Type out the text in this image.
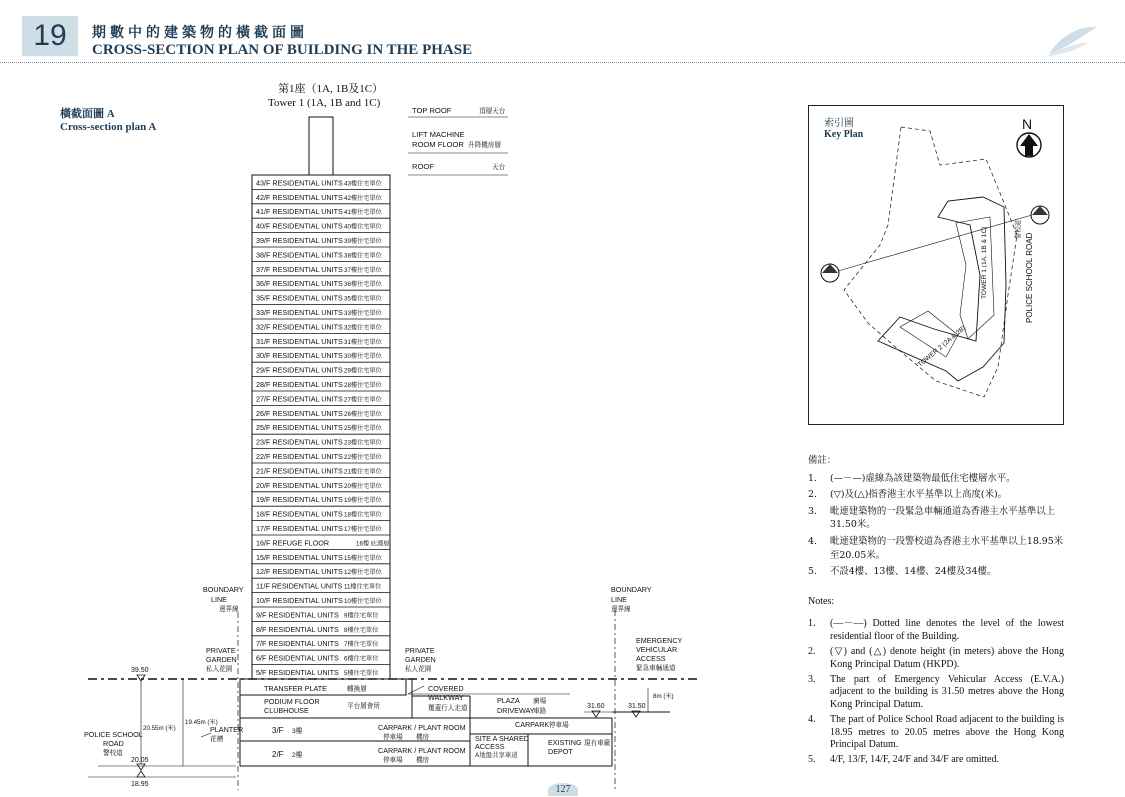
19	期數中的建築物的橫截面圖
CROSS-SECTION PLAN OF BUILDING IN THE PHASE
橫截面圖 A
Cross-section plan A
第1座（1A, 1B及1C）
Tower 1 (1A, 1B and 1C)
43/F RESIDENTIAL UNITS 43樓住宅單位
42/F RESIDENTIAL UNITS 42樓住宅單位
41/F RESIDENTIAL UNITS 41樓住宅單位
40/F RESIDENTIAL UNITS 40樓住宅單位
39/F RESIDENTIAL UNITS 39樓住宅單位
38/F RESIDENTIAL UNITS 38樓住宅單位
37/F RESIDENTIAL UNITS 37樓住宅單位
36/F RESIDENTIAL UNITS 36樓住宅單位
35/F RESIDENTIAL UNITS 35樓住宅單位
33/F RESIDENTIAL UNITS 33樓住宅單位
32/F RESIDENTIAL UNITS 32樓住宅單位
31/F RESIDENTIAL UNITS 31樓住宅單位
30/F RESIDENTIAL UNITS 30樓住宅單位
29/F RESIDENTIAL UNITS 29樓住宅單位
28/F RESIDENTIAL UNITS 28樓住宅單位
27/F RESIDENTIAL UNITS 27樓住宅單位
26/F RESIDENTIAL UNITS 26樓住宅單位
25/F RESIDENTIAL UNITS 25樓住宅單位
23/F RESIDENTIAL UNITS 23樓住宅單位
22/F RESIDENTIAL UNITS 22樓住宅單位
21/F RESIDENTIAL UNITS 21樓住宅單位
20/F RESIDENTIAL UNITS 20樓住宅單位
19/F RESIDENTIAL UNITS 19樓住宅單位
18/F RESIDENTIAL UNITS 18樓住宅單位
17/F RESIDENTIAL UNITS 17樓住宅單位
16/F REFUGE FLOOR	16樓 庇護層
15/F RESIDENTIAL UNITS 15樓住宅單位
12/F RESIDENTIAL UNITS 12樓住宅單位
11/F RESIDENTIAL UNITS 11樓住宅單位
10/F RESIDENTIAL UNITS 10樓住宅單位
9/F RESIDENTIAL UNITS 9樓住宅單位
8/F RESIDENTIAL UNITS 8樓住宅單位
7/F RESIDENTIAL UNITS 7樓住宅單位
6/F RESIDENTIAL UNITS 6樓住宅單位
5/F RESIDENTIAL UNITS 5樓住宅單位
TOP ROOF	頂層天台
LIFT MACHINE
ROOM FLOOR 升降機房層
ROOF	天台
BOUNDARY
LINE
邊界線
BOUNDARY
LINE
邊界線
PRIVATE
GARDEN
私人花園
PRIVATE
GARDEN
私人花園
EMERGENCY
VEHICULAR
ACCESS
緊急車輛通道
TRANSFER PLATE	轉換層
PODIUM FLOOR
CLUBHOUSE	平台層會所
COVERED
WALKWAY
覆蓋行人走道
PLAZA
DRIVEWAY
廣場
車路
PLANTER
花槽
3/F 3樓
2/F 2樓
CARPARK / PLANT ROOM
停車場　　機房
CARPARK / PLANT ROOM
停車場　　機房
CARPARK 停車場
SITE A SHARED
ACCESS
A地盤共享車道
EXISTING
DEPOT
現有車廠
POLICE SCHOOL
ROAD
警校道
39.50
31.60	31.50
20.05
18.95
20.55m (米)
19.45m (米)
8m (米)
索引圖
Key Plan
N
A
A
POLICE SCHOOL ROAD
警校道
TOWER 1 (1A, 1B & 1C)
TOWER 2 (2A & 2B)
備註：
1.	(—－—)虛線為該建築物最低住宅樓層水平。
2.	(▽)及(△)指香港主水平基準以上高度(米)。
3.	毗連建築物的一段緊急車輛通道為香港主水平基準以上31.50米。
4.	毗連建築物的一段警校道為香港主水平基準以上18.95米至20.05米。
5.	不設4樓、13樓、14樓、24樓及34樓。
Notes:
1.	(—－—) Dotted line denotes the level of the lowest residential floor of the Building.
2.	(▽) and (△) denote height (in meters) above the Hong Kong Principal Datum (HKPD).
3.	The part of Emergency Vehicular Access (E.V.A.) adjacent to the building is 31.50 metres above the Hong Kong Principal Datum.
4.	The part of Police School Road adjacent to the building is 18.95 metres to 20.05 metres above the Hong Kong Principal Datum.
5.	4/F, 13/F, 14/F, 24/F and 34/F are omitted.
127
